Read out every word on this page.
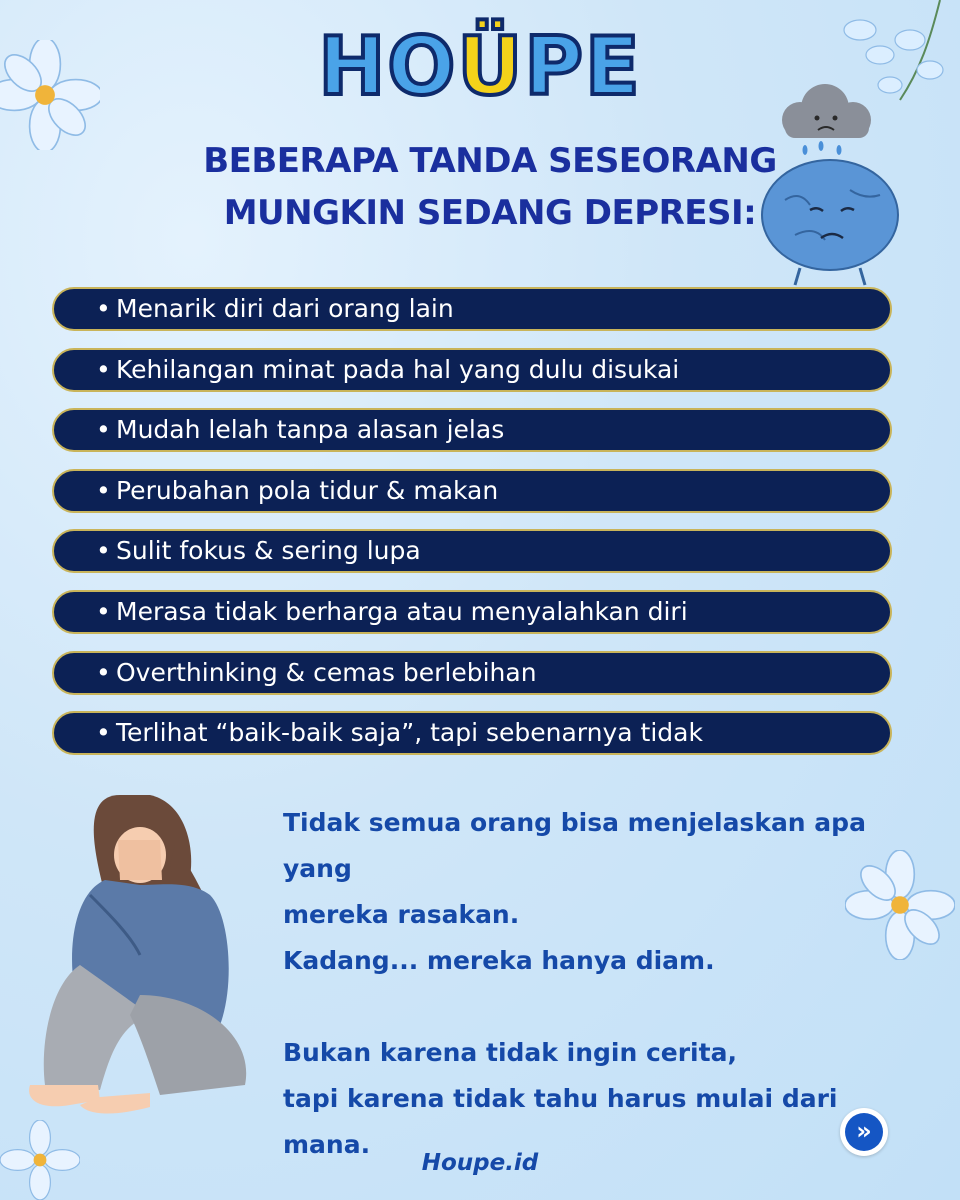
HOÜPE
BEBERAPA TANDA SESEORANG
MUNGKIN SEDANG DEPRESI:
• Menarik diri dari orang lain
• Kehilangan minat pada hal yang dulu disukai
• Mudah lelah tanpa alasan jelas
• Perubahan pola tidur & makan
• Sulit fokus & sering lupa
• Merasa tidak berharga atau menyalahkan diri
• Overthinking & cemas berlebihan
• Terlihat “baik-baik saja”, tapi sebenarnya tidak

Tidak semua orang bisa menjelaskan apa yang

mereka rasakan.

Kadang... mereka hanya diam.

Bukan karena tidak ingin cerita,

tapi karena tidak tahu harus mulai dari mana.	»
Houpe.id
